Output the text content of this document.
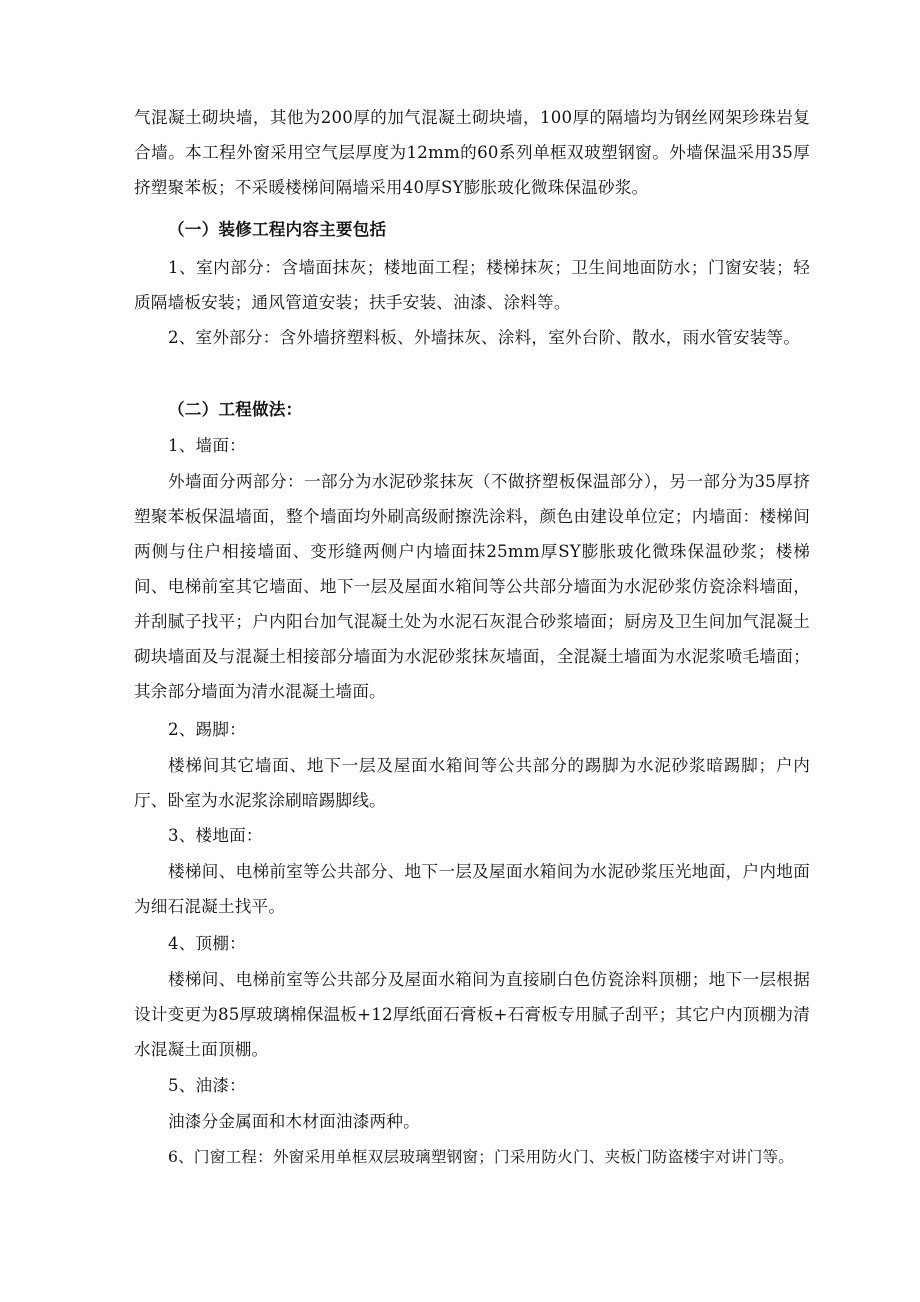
气混凝土砌块墙，其他为200厚的加气混凝土砌块墙，100厚的隔墙均为钢丝网架珍珠岩复合墙。本工程外窗采用空气层厚度为12mm的60系列单框双玻塑钢窗。外墙保温采用35厚挤塑聚苯板；不采暖楼梯间隔墙采用40厚SY膨胀玻化微珠保温砂浆。

（一）装修工程内容主要包括

1、室内部分：含墙面抹灰；楼地面工程；楼梯抹灰；卫生间地面防水；门窗安装；轻质隔墙板安装；通风管道安装；扶手安装、油漆、涂料等。

2、室外部分：含外墙挤塑料板、外墙抹灰、涂料，室外台阶、散水，雨水管安装等。

（二）工程做法：

1、墙面：

外墙面分两部分：一部分为水泥砂浆抹灰（不做挤塑板保温部分），另一部分为35厚挤塑聚苯板保温墙面，整个墙面均外刷高级耐擦洗涂料，颜色由建设单位定；内墙面：楼梯间两侧与住户相接墙面、变形缝两侧户内墙面抹25mm厚SY膨胀玻化微珠保温砂浆；楼梯间、电梯前室其它墙面、地下一层及屋面水箱间等公共部分墙面为水泥砂浆仿瓷涂料墙面，并刮腻子找平；户内阳台加气混凝土处为水泥石灰混合砂浆墙面；厨房及卫生间加气混凝土砌块墙面及与混凝土相接部分墙面为水泥砂浆抹灰墙面，全混凝土墙面为水泥浆喷毛墙面；其余部分墙面为清水混凝土墙面。

2、踢脚：

楼梯间其它墙面、地下一层及屋面水箱间等公共部分的踢脚为水泥砂浆暗踢脚；户内厅、卧室为水泥浆涂刷暗踢脚线。

3、楼地面：

楼梯间、电梯前室等公共部分、地下一层及屋面水箱间为水泥砂浆压光地面，户内地面为细石混凝土找平。

4、顶棚：

楼梯间、电梯前室等公共部分及屋面水箱间为直接刷白色仿瓷涂料顶棚；地下一层根据设计变更为85厚玻璃棉保温板+12厚纸面石膏板+石膏板专用腻子刮平；其它户内顶棚为清水混凝土面顶棚。

5、油漆：

油漆分金属面和木材面油漆两种。

6、门窗工程：外窗采用单框双层玻璃塑钢窗；门采用防火门、夹板门防盗楼宇对讲门等。
